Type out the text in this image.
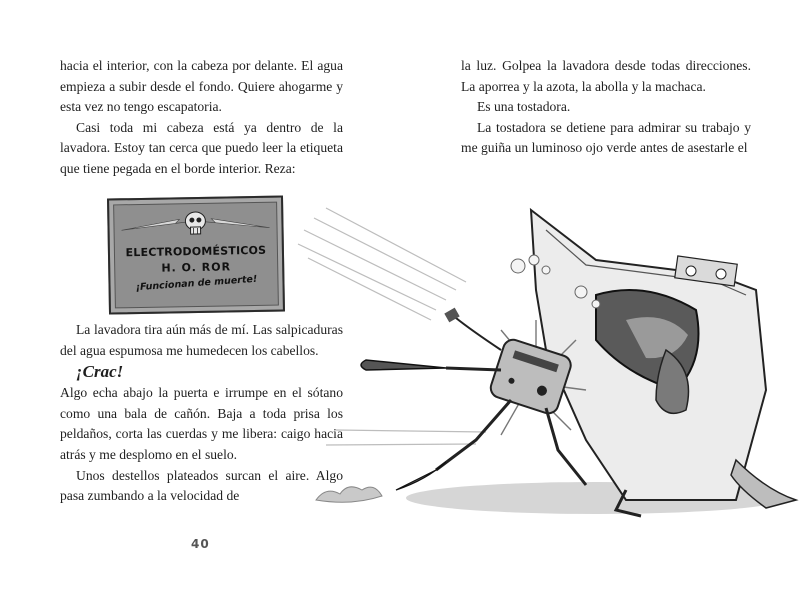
hacia el interior, con la cabeza por delante. El agua empieza a subir desde el fondo. Quiere ahogarme y esta vez no tengo escapatoria.

Casi toda mi cabeza está ya dentro de la lavadora. Estoy tan cerca que puedo leer la etiqueta que tiene pegada en el borde interior. Reza:

ELECTRODOMÉSTICOS
H. O. ROR
¡Funcionan de muerte!

La lavadora tira aún más de mí. Las salpicaduras del agua espumosa me humedecen los cabellos.

¡Crac!

Algo echa abajo la puerta e irrumpe en el sótano como una bala de cañón. Baja a toda prisa los peldaños, corta las cuerdas y me libera: caigo hacia atrás y me desplomo en el suelo.

Unos destellos plateados surcan el aire. Algo pasa zumbando a la velocidad de

la luz. Golpea la lavadora desde todas direcciones. La aporrea y la azota, la abolla y la machaca.

Es una tostadora.

La tostadora se detiene para admirar su trabajo y me guiña un luminoso ojo verde antes de asestarle el

40
